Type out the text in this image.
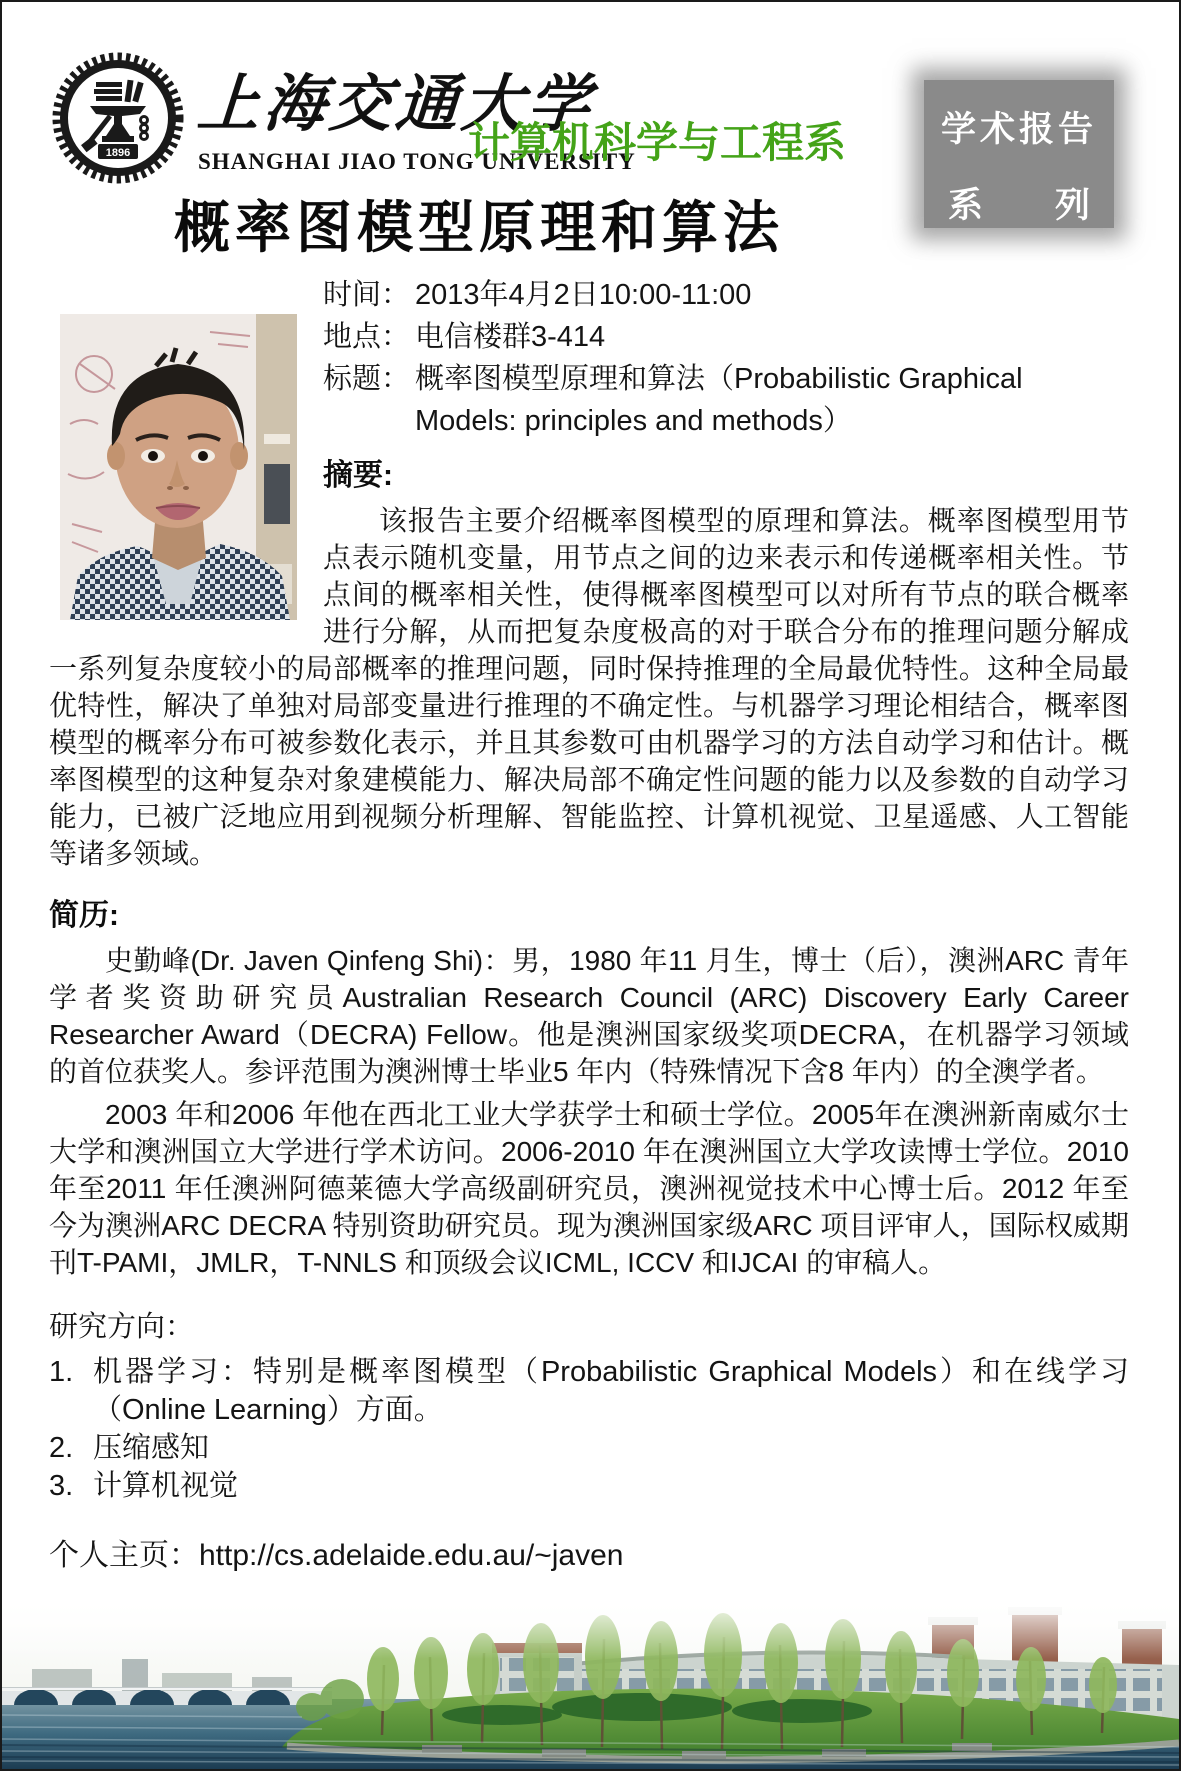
1896
上海交通大学
SHANGHAI JIAO TONG UNIVERSITY
计算机科学与工程系	学术报告
系 列
概率图模型原理和算法
时间： 2013年4月2日10:00-11:00
地点： 电信楼群3-414
标题： 概率图模型原理和算法（Probabilistic Graphical Models: principles and methods）
摘要:

该报告主要介绍概率图模型的原理和算法。概率图模型用节点表示随机变量，用节点之间的边来表示和传递概率相关性。节点间的概率相关性，使得概率图模型可以对所有节点的联合概率进行分解，从而把复杂度极高的对于联合分布的推理问题分解成一系列复杂度较小的局部概率的推理问题，同时保持推理的全局最优特性。这种全局最优特性，解决了单独对局部变量进行推理的不确定性。与机器学习理论相结合，概率图模型的概率分布可被参数化表示，并且其参数可由机器学习的方法自动学习和估计。概率图模型的这种复杂对象建模能力、解决局部不确定性问题的能力以及参数的自动学习能力，已被广泛地应用到视频分析理解、智能监控、计算机视觉、卫星遥感、人工智能等诸多领域。

简历:

史勤峰(Dr. Javen Qinfeng Shi)：男，1980 年11 月生，博士（后），澳洲ARC 青年学者奖资助研究员Australian Research Council (ARC) Discovery Early Career Researcher Award（DECRA) Fellow。他是澳洲国家级奖项DECRA，在机器学习领域的首位获奖人。参评范围为澳洲博士毕业5 年内（特殊情况下含8 年内）的全澳学者。

2003 年和2006 年他在西北工业大学获学士和硕士学位。2005年在澳洲新南威尔士大学和澳洲国立大学进行学术访问。2006-2010 年在澳洲国立大学攻读博士学位。2010 年至2011 年任澳洲阿德莱德大学高级副研究员，澳洲视觉技术中心博士后。2012 年至今为澳洲ARC DECRA 特别资助研究员。现为澳洲国家级ARC 项目评审人，国际权威期刊T-PAMI，JMLR，T-NNLS 和顶级会议ICML, ICCV 和IJCAI 的审稿人。

研究方向：
1. 机器学习：特别是概率图模型（Probabilistic Graphical Models）和在线学习（Online Learning）方面。
2. 压缩感知
3. 计算机视觉
个人主页：http://cs.adelaide.edu.au/~javen
